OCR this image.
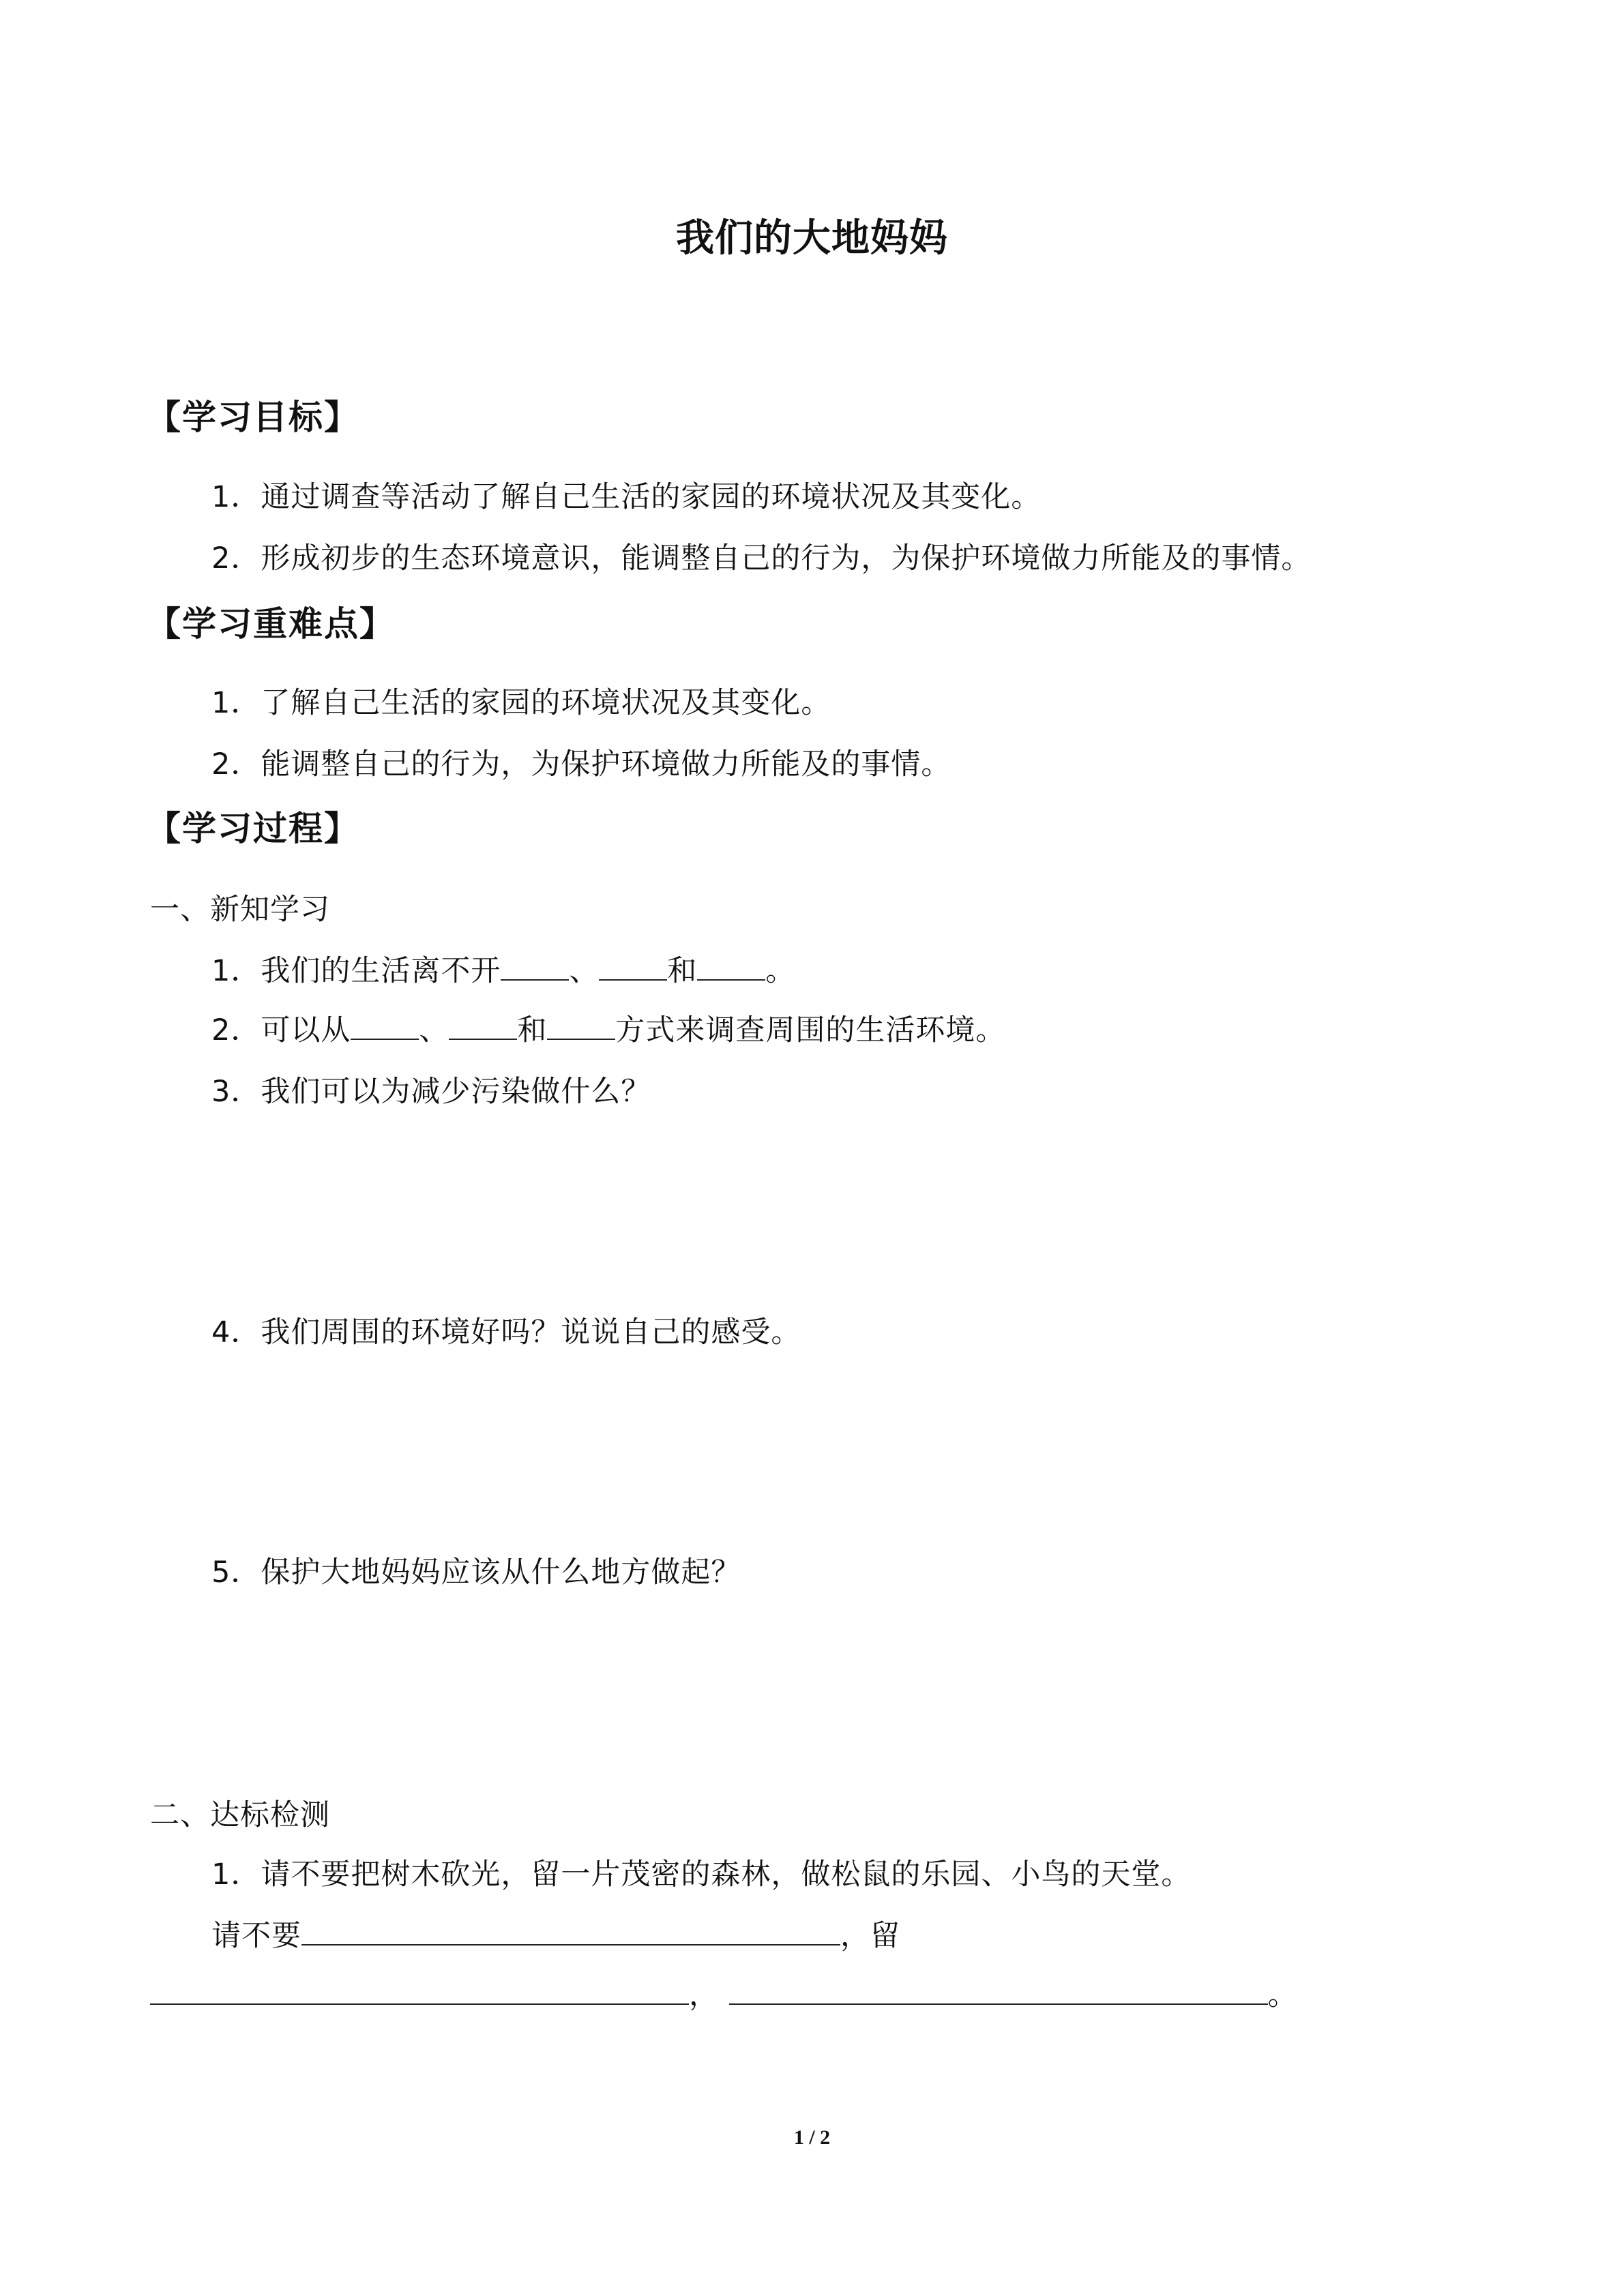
我们的大地妈妈
【学习目标】
1．通过调查等活动了解自己生活的家园的环境状况及其变化。
2．形成初步的生态环境意识，能调整自己的行为，为保护环境做力所能及的事情。
【学习重难点】
1．了解自己生活的家园的环境状况及其变化。
2．能调整自己的行为，为保护环境做力所能及的事情。
【学习过程】
一、新知学习
1．我们的生活离不开 、 和 。
2．可以从 、 和 方式来调查周围的生活环境。
3．我们可以为减少污染做什么？
4．我们周围的环境好吗？说说自己的感受。
5．保护大地妈妈应该从什么地方做起？
二、达标检测
1．请不要把树木砍光，留一片茂密的森林，做松鼠的乐园、小鸟的天堂。
请不要	，留
，	。
1 / 2
